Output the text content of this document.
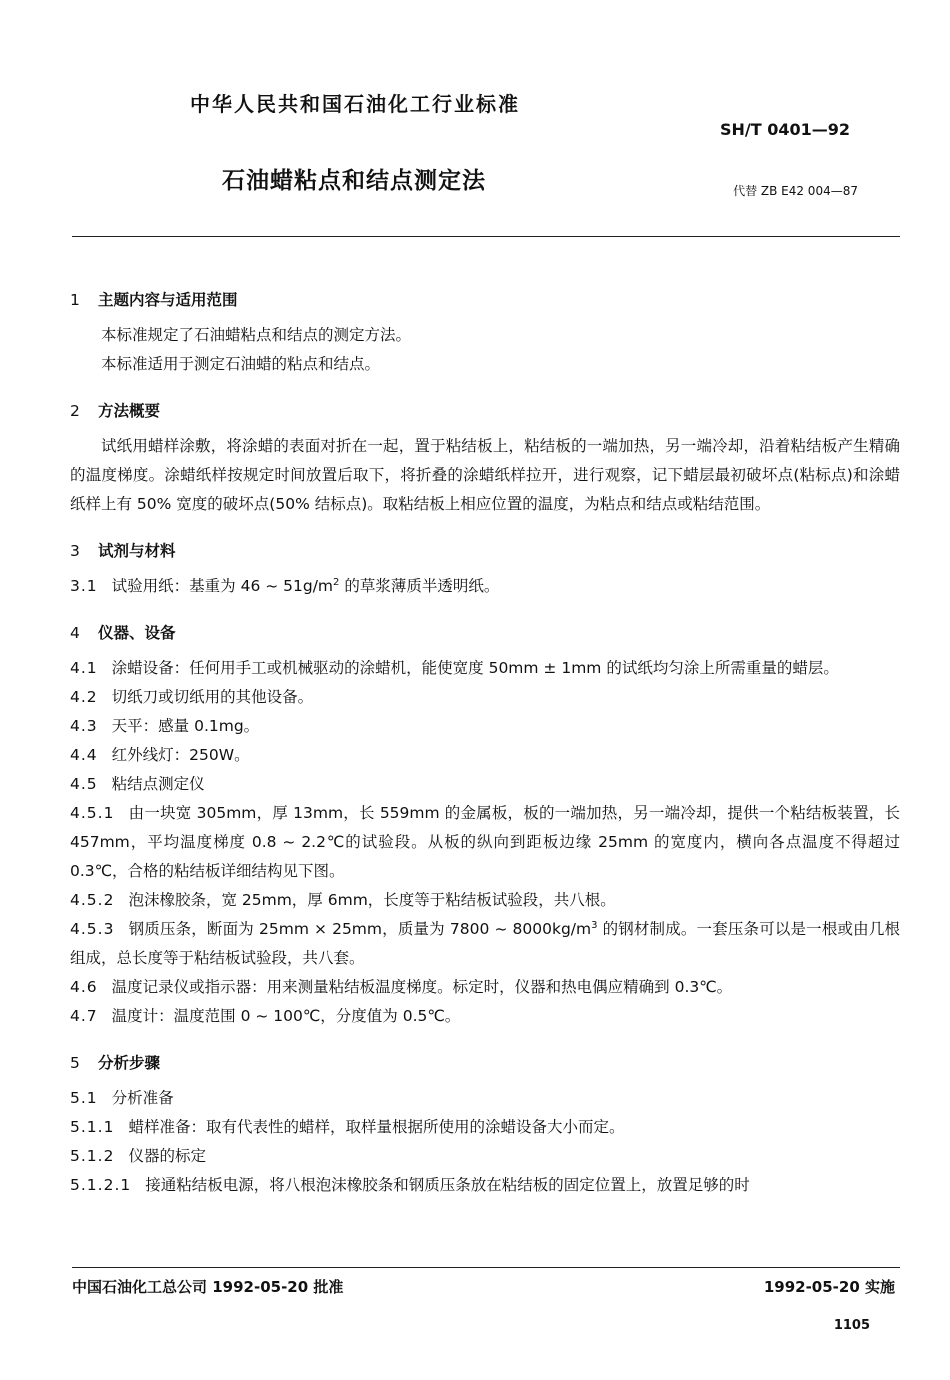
中华人民共和国石油化工行业标准
SH/T 0401—92
石油蜡粘点和结点测定法	代替 ZB E42 004—87

1 主题内容与适用范围

本标准规定了石油蜡粘点和结点的测定方法。

本标准适用于测定石油蜡的粘点和结点。

2 方法概要

试纸用蜡样涂敷，将涂蜡的表面对折在一起，置于粘结板上，粘结板的一端加热，另一端冷却，沿着粘结板产生精确的温度梯度。涂蜡纸样按规定时间放置后取下，将折叠的涂蜡纸样拉开，进行观察，记下蜡层最初破坏点(粘标点)和涂蜡纸样上有 50% 宽度的破坏点(50% 结标点)。取粘结板上相应位置的温度，为粘点和结点或粘结范围。

3 试剂与材料

3.1 试验用纸：基重为 46 ~ $51g/m^2$ 的草浆薄质半透明纸。

4 仪器、设备

4.1 涂蜡设备：任何用手工或机械驱动的涂蜡机，能使宽度 50mm ± 1mm 的试纸均匀涂上所需重量的蜡层。

4.2 切纸刀或切纸用的其他设备。

4.3 天平：感量 0.1mg。

4.4 红外线灯：250W。

4.5 粘结点测定仪

4.5.1 由一块宽 305mm，厚 13mm，长 559mm 的金属板，板的一端加热，另一端冷却，提供一个粘结板装置，长 457mm，平均温度梯度 0.8 ~ 2.2℃的试验段。从板的纵向到距板边缘 25mm 的宽度内，横向各点温度不得超过 0.3℃，合格的粘结板详细结构见下图。

4.5.2 泡沫橡胶条，宽 25mm，厚 6mm，长度等于粘结板试验段，共八根。

4.5.3 钢质压条，断面为 25mm × 25mm，质量为 7800 ~ $8000kg/m^3$ 的钢材制成。一套压条可以是一根或由几根组成，总长度等于粘结板试验段，共八套。

4.6 温度记录仪或指示器：用来测量粘结板温度梯度。标定时，仪器和热电偶应精确到 0.3℃。

4.7 温度计：温度范围 0 ~ 100℃，分度值为 0.5℃。

5 分析步骤

5.1 分析准备

5.1.1 蜡样准备：取有代表性的蜡样，取样量根据所使用的涂蜡设备大小而定。

5.1.2 仪器的标定

5.1.2.1 接通粘结板电源，将八根泡沫橡胶条和钢质压条放在粘结板的固定位置上，放置足够的时

中国石油化工总公司 1992-05-20 批准	1992-05-20 实施
1105
